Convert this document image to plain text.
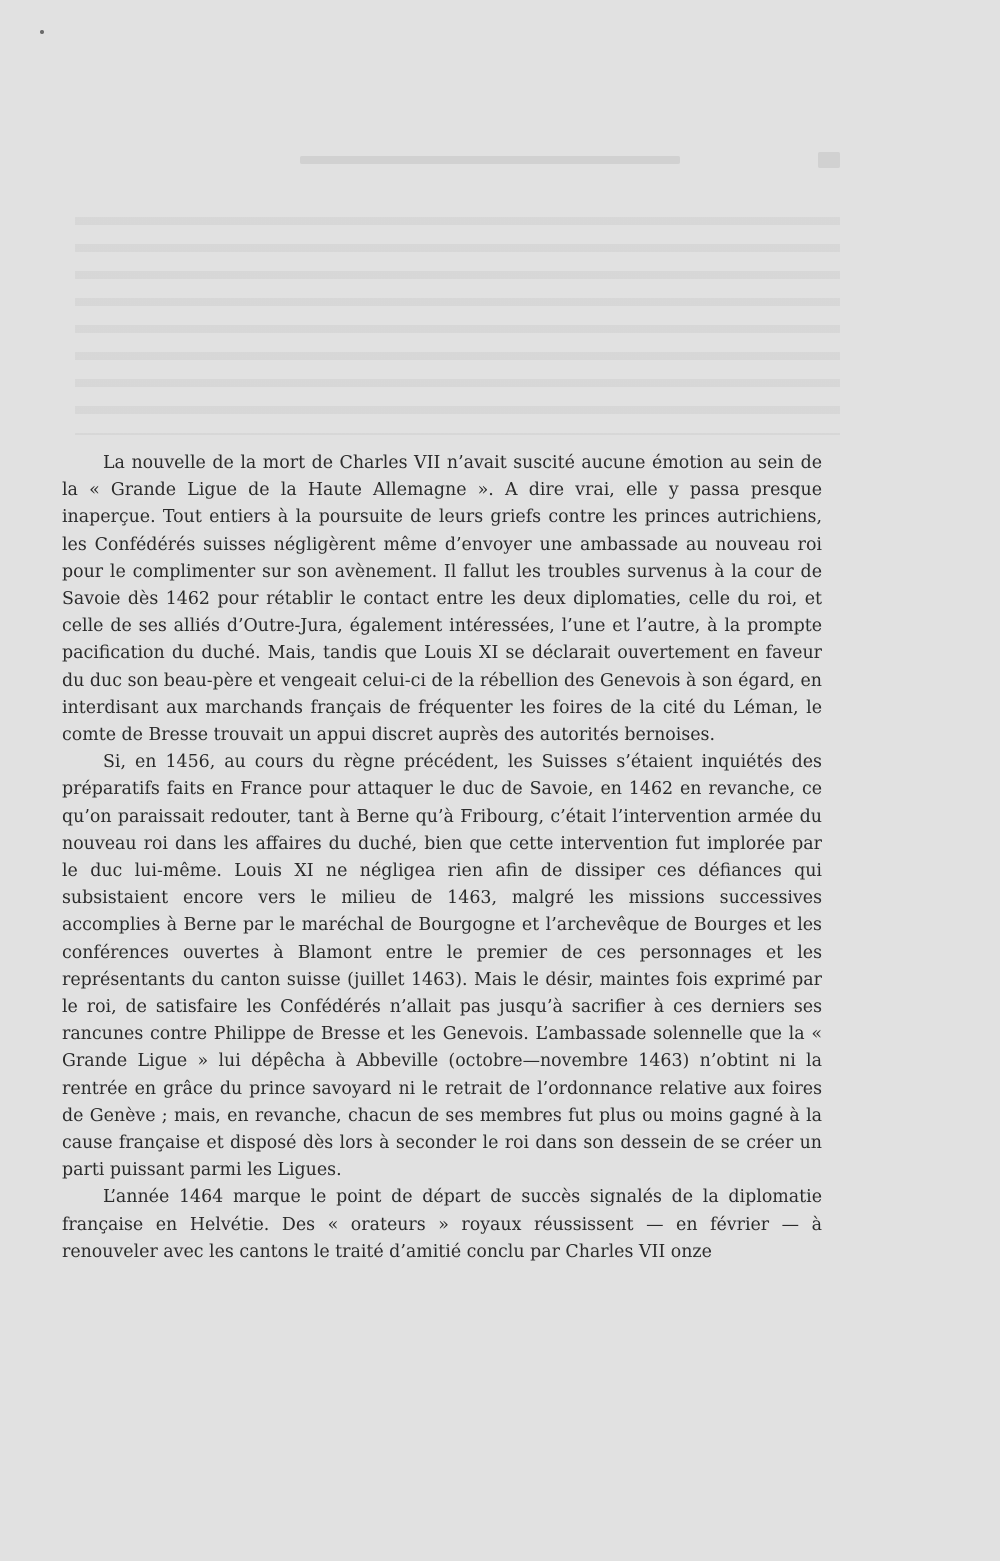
La nouvelle de la mort de Charles VII n’avait suscité aucune émotion au sein de la « Grande Ligue de la Haute Allemagne ». A dire vrai, elle y passa presque inaperçue. Tout entiers à la poursuite de leurs griefs contre les princes autrichiens, les Confédérés suisses négligèrent même d’envoyer une ambassade au nouveau roi pour le complimenter sur son avènement. Il fallut les troubles survenus à la cour de Savoie dès 1462 pour rétablir le contact entre les deux diplomaties, celle du roi, et celle de ses alliés d’Outre-Jura, également intéressées, l’une et l’autre, à la prompte pacification du duché. Mais, tandis que Louis XI se déclarait ouvertement en faveur du duc son beau-père et vengeait celui-ci de la rébellion des Genevois à son égard, en interdisant aux marchands français de fréquenter les foires de la cité du Léman, le comte de Bresse trouvait un appui discret auprès des autorités bernoises.

Si, en 1456, au cours du règne précédent, les Suisses s’étaient inquiétés des préparatifs faits en France pour attaquer le duc de Savoie, en 1462 en revanche, ce qu’on paraissait redouter, tant à Berne qu’à Fribourg, c’était l’intervention armée du nouveau roi dans les affaires du duché, bien que cette intervention fut implorée par le duc lui-même. Louis XI ne négligea rien afin de dissiper ces défiances qui subsistaient encore vers le milieu de 1463, malgré les missions successives accomplies à Berne par le maréchal de Bourgogne et l’archevêque de Bourges et les conférences ouvertes à Blamont entre le premier de ces personnages et les représentants du canton suisse (juillet 1463). Mais le désir, maintes fois exprimé par le roi, de satisfaire les Confédérés n’allait pas jusqu’à sacrifier à ces derniers ses rancunes contre Philippe de Bresse et les Genevois. L’ambassade solennelle que la « Grande Ligue » lui dépêcha à Abbeville (octobre—novembre 1463) n’obtint ni la rentrée en grâce du prince savoyard ni le retrait de l’ordonnance relative aux foires de Genève ; mais, en revanche, chacun de ses membres fut plus ou moins gagné à la cause française et disposé dès lors à seconder le roi dans son dessein de se créer un parti puissant parmi les Ligues.

L’année 1464 marque le point de départ de succès signalés de la diplomatie française en Helvétie. Des « orateurs » royaux réussissent — en février — à renouveler avec les cantons le traité d’amitié conclu par Charles VII onze
